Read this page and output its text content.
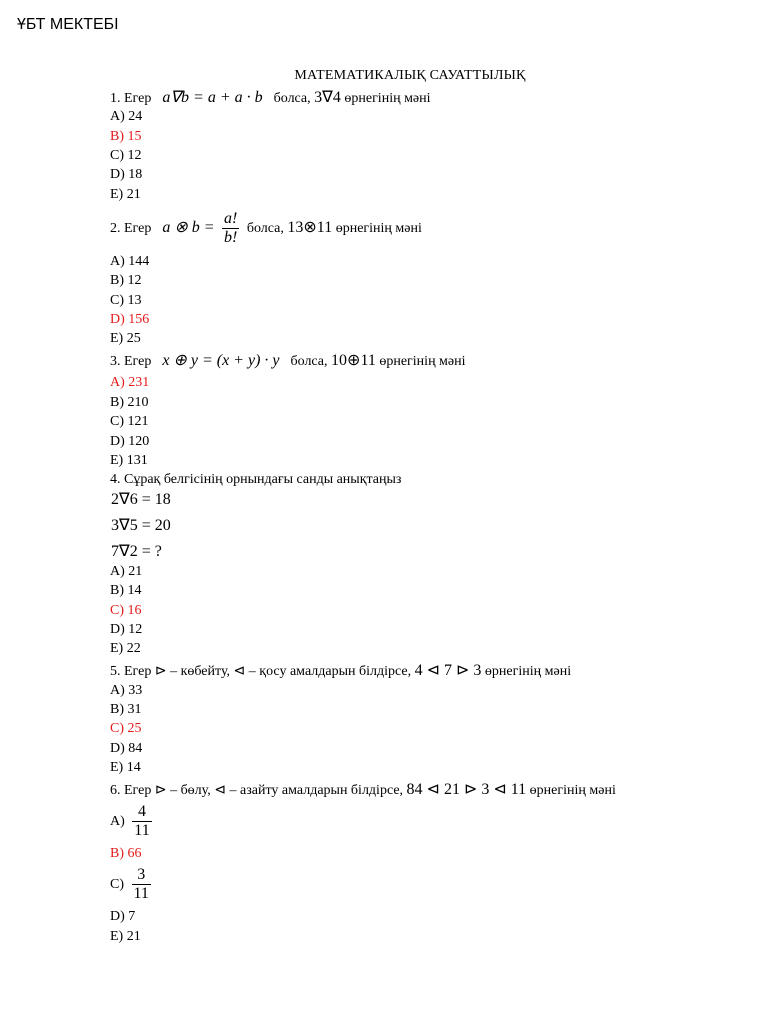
ҰБТ МЕКТЕБІ
МАТЕМАТИКАЛЫҚ САУАТТЫЛЫҚ
1. Егер a∇b = a + a · b болса, 3∇4 өрнегінің мәні
A) 24
B) 15
C) 12
D) 18
E) 21
2. Егер a ⊗ $b = \frac{a!}{b!}$ болса, 13⊗11 өрнегінің мәні
A) 144
B) 12
C) 13
D) 156
E) 25
3. Егер x ⊕ y = (x + y) · y болса, 10⊕11 өрнегінің мәні
A) 231
B) 210
C) 121
D) 120
E) 131
4. Сұрақ белгісінің орнындағы санды анықтаңыз
2∇6 = 18
3∇5 = 20
7∇2 = ?
A) 21
B) 14
C) 16
D) 12
E) 22
5. Егер ⊳ – көбейту, ⊲ – қосу амалдарын білдірсе, 4 ⊲ 7 ⊳ 3 өрнегінің мәні
A) 33
B) 31
C) 25
D) 84
E) 14
6. Егер ⊳ – бөлу, ⊲ – азайту амалдарын білдірсе, 84 ⊲ 21 ⊳ 3 ⊲ 11 өрнегінің мәні
$A) \frac{4}{11}$
B) 66
$C) \frac{3}{11}$
D) 7
E) 21
